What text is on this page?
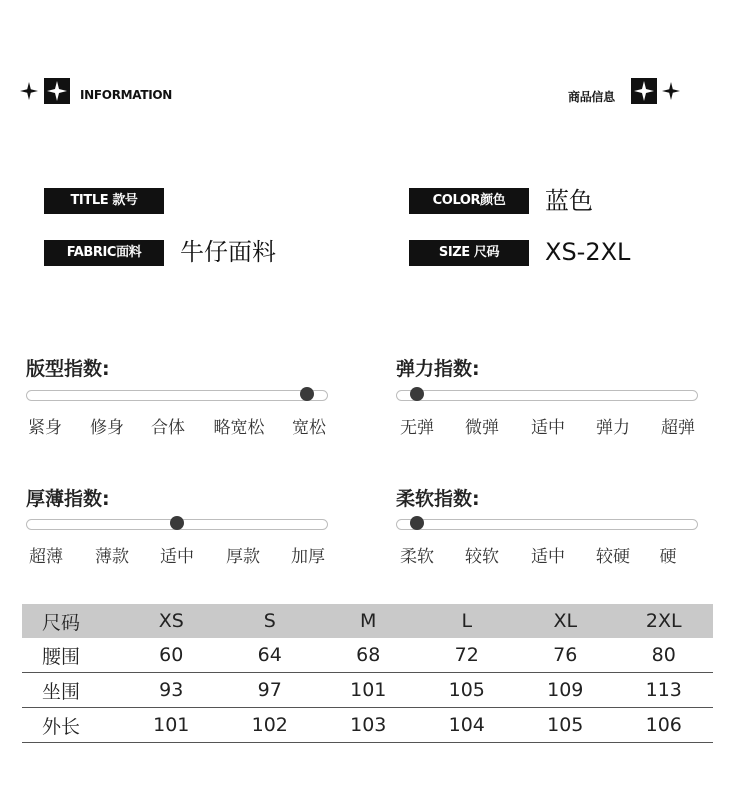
INFORMATION	商品信息
TITLE 款号	COLOR颜色	蓝色
FABRIC面料	牛仔面料	SIZE 尺码	XS-2XL
版型指数:
紧身 修身 合体 略宽松 宽松
弹力指数:
无弹 微弹 适中 弹力 超弹
厚薄指数:
超薄 薄款 适中 厚款 加厚
柔软指数:
柔软 较软 适中 较硬 硬
尺码	XS	S	M	L	XL	2XL
腰围	60	64	68	72	76	80
坐围	93	97	101	105	109	113
外长	101	102	103	104	105	106
